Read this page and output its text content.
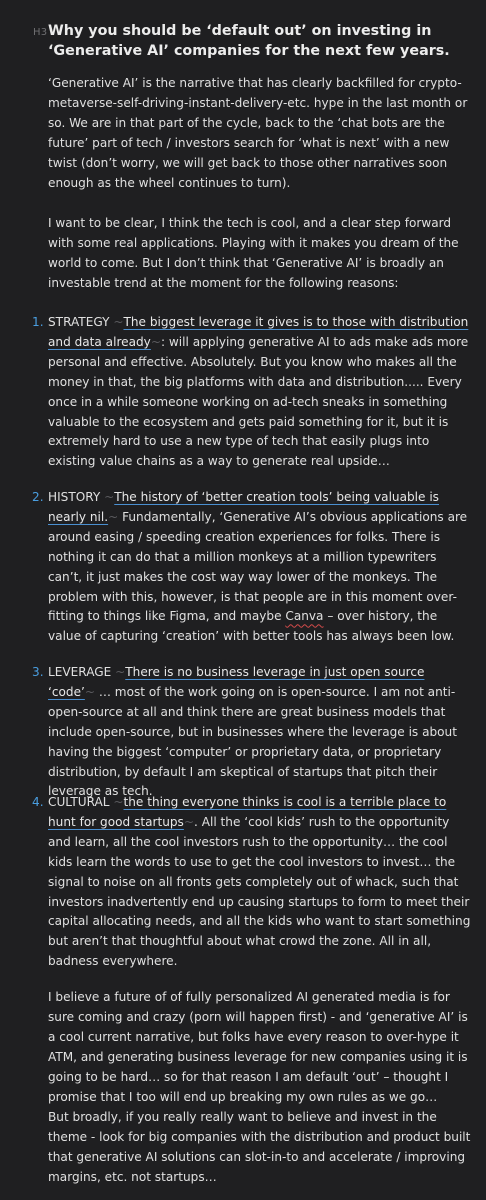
H3 Why you should be ‘default out’ on investing in ‘Generative AI’ companies for the next few years.

‘Generative AI’ is the narrative that has clearly backfilled for crypto-metaverse-self-driving-instant-delivery-etc. hype in the last month or so. We are in that part of the cycle, back to the ‘chat bots are the future’ part of tech / investors search for ‘what is next’ with a new twist (don’t worry, we will get back to those other narratives soon enough as the wheel continues to turn).

I want to be clear, I think the tech is cool, and a clear step forward with some real applications. Playing with it makes you dream of the world to come. But I don’t think that ‘Generative AI’ is broadly an investable trend at the moment for the following reasons:

1. STRATEGY ~The biggest leverage it gives is to those with distribution and data already~: will applying generative AI to ads make ads more personal and effective. Absolutely. But you know who makes all the money in that, the big platforms with data and distribution..... Every once in a while someone working on ad-tech sneaks in something valuable to the ecosystem and gets paid something for it, but it is extremely hard to use a new type of tech that easily plugs into existing value chains as a way to generate real upside…
2. HISTORY ~The history of ‘better creation tools’ being valuable is nearly nil.~ Fundamentally, ‘Generative AI’s obvious applications are around easing / speeding creation experiences for folks. There is nothing it can do that a million monkeys at a million typewriters can’t, it just makes the cost way way lower of the monkeys. The problem with this, however, is that people are in this moment over-fitting to things like Figma, and maybe Canva – over history, the value of capturing ‘creation’ with better tools has always been low.
3. LEVERAGE ~There is no business leverage in just open source ‘code’~ … most of the work going on is open-source. I am not anti-open-source at all and think there are great business models that include open-source, but in businesses where the leverage is about having the biggest ‘computer’ or proprietary data, or proprietary distribution, by default I am skeptical of startups that pitch their leverage as tech.
4. CULTURAL ~the thing everyone thinks is cool is a terrible place to hunt for good startups~. All the ‘cool kids’ rush to the opportunity and learn, all the cool investors rush to the opportunity… the cool kids learn the words to use to get the cool investors to invest… the signal to noise on all fronts gets completely out of whack, such that investors inadvertently end up causing startups to form to meet their capital allocating needs, and all the kids who want to start something but aren’t that thoughtful about what crowd the zone. All in all, badness everywhere.

I believe a future of of fully personalized AI generated media is for sure coming and crazy (porn will happen first) - and ‘generative AI’ is a cool current narrative, but folks have every reason to over-hype it ATM, and generating business leverage for new companies using it is going to be hard… so for that reason I am default ‘out’ – thought I promise that I too will end up breaking my own rules as we go…

But broadly, if you really really want to believe and invest in the theme - look for big companies with the distribution and product built that generative AI solutions can slot-in-to and accelerate / improving margins, etc. not startups…
